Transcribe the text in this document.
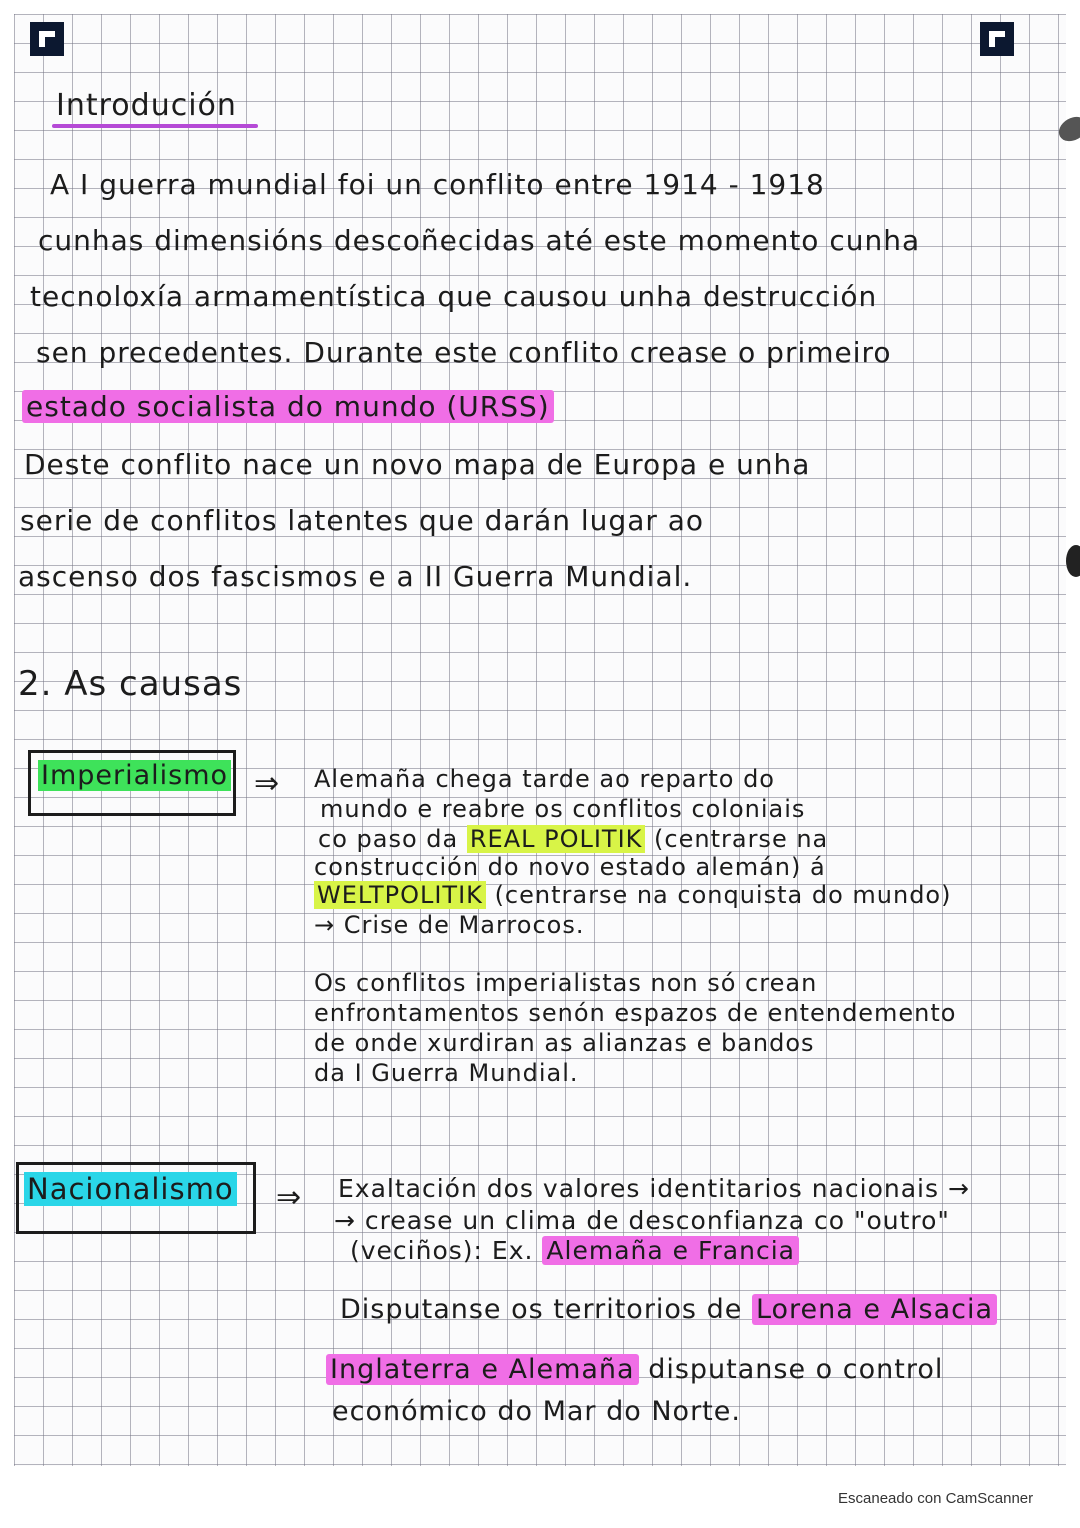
Introdución
A I guerra mundial foi un conflito entre 1914 - 1918
cunhas dimensións descoñecidas até este momento cunha
tecnoloxía armamentística que causou unha destrucción
sen precedentes. Durante este conflito crease o primeiro
estado socialista do mundo (URSS)
Deste conflito nace un novo mapa de Europa e unha
serie de conflitos latentes que darán lugar ao
ascenso dos fascismos e a II Guerra Mundial.
2. As causas
Imperialismo ⇒ Alemaña chega tarde ao reparto do
mundo e reabre os conflitos coloniais
co paso da REAL POLITIK (centrarse na
construcción do novo estado alemán) á
WELTPOLITIK (centrarse na conquista do mundo)
→ Crise de Marrocos.
Os conflitos imperialistas non só crean
enfrontamentos senón espazos de entendemento
de onde xurdiran as alianzas e bandos
da I Guerra Mundial.
Nacionalismo ⇒ Exaltación dos valores identitarios nacionais →
→ crease un clima de desconfianza co "outro"
(veciños): Ex. Alemaña e Francia
Disputanse os territorios de Lorena e Alsacia
Inglaterra e Alemaña disputanse o control
económico do Mar do Norte.
Escaneado con CamScanner
